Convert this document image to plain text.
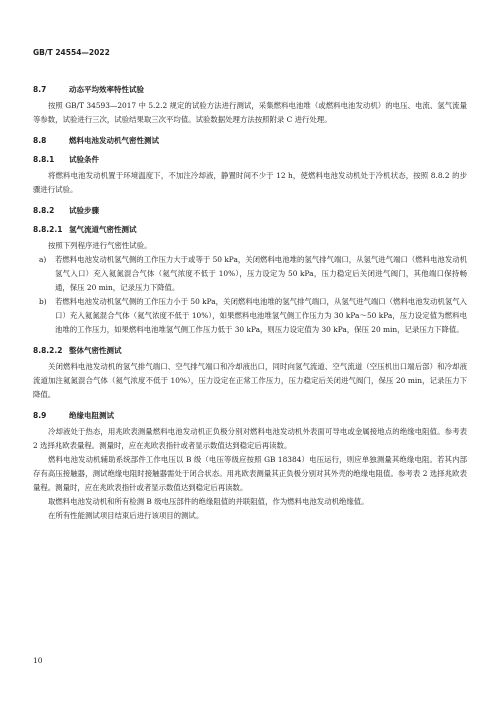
GB/T 24554—2022
8.7	动态平均效率特性试验

按照 GB/T 34593—2017 中 5.2.2 规定的试验方法进行测试，采集燃料电池堆（或燃料电池发动机）的电压、电流、氢气流量等参数，试验进行三次，试验结果取三次平均值。试验数据处理方法按照附录 C 进行处理。

8.8	燃料电池发动机气密性测试
8.8.1 试验条件

将燃料电池发动机置于环境温度下，不加注冷却液，静置时间不少于 12 h，使燃料电池发动机处于冷机状态，按照 8.8.2 的步骤进行试验。

8.8.2 试验步骤
8.8.2.1 氢气流道气密性测试

按照下列程序进行气密性试验。

a) 若燃料电池发动机氢气侧的工作压力大于或等于 50 kPa，关闭燃料电池堆的氢气排气端口，从氢气进气端口（燃料电池发动机氢气入口）充入氦氮混合气体（氦气浓度不低于 10%），压力设定为 50 kPa，压力稳定后关闭进气阀门，其他端口保持畅通，保压 20 min，记录压力下降值。
b) 若燃料电池发动机氢气侧的工作压力小于 50 kPa，关闭燃料电池堆的氢气排气端口，从氢气进气端口（燃料电池发动机氢气入口）充入氦氮混合气体（氦气浓度不低于 10%），如果燃料电池堆氢气侧工作压力为 30 kPa～50 kPa，压力设定值为燃料电池堆的工作压力，如果燃料电池堆氢气侧工作压力低于 30 kPa，则压力设定值为 30 kPa，保压 20 min，记录压力下降值。
8.8.2.2 整体气密性测试

关闭燃料电池发动机的氢气排气端口、空气排气端口和冷却液出口，同时向氢气流道、空气流道（空压机出口端后部）和冷却液流道加注氦氮混合气体（氦气浓度不低于 10%），压力设定在正常工作压力，压力稳定后关闭进气阀门，保压 20 min，记录压力下降值。

8.9	绝缘电阻测试

冷却液处于热态，用兆欧表测量燃料电池发动机正负极分别对燃料电池发动机外表面可导电或金属接地点的绝缘电阻值。参考表 2 选择兆欧表量程。测量时，应在兆欧表指针或者显示数值达到稳定后再读数。

燃料电池发动机辅助系统部件工作电压以 B 级（电压等级应按照 GB 18384）电压运行，则应单独测量其绝缘电阻。若其内部存有高压接触器，测试绝缘电阻时接触器需处于闭合状态。用兆欧表测量其正负极分别对其外壳的绝缘电阻值。参考表 2 选择兆欧表量程。测量时，应在兆欧表指针或者显示数值达到稳定后再读数。

取燃料电池发动机和所有检测 B 级电压部件的绝缘阻值的并联阻值，作为燃料电池发动机绝缘值。

在所有性能测试项目结束后进行该项目的测试。

10
